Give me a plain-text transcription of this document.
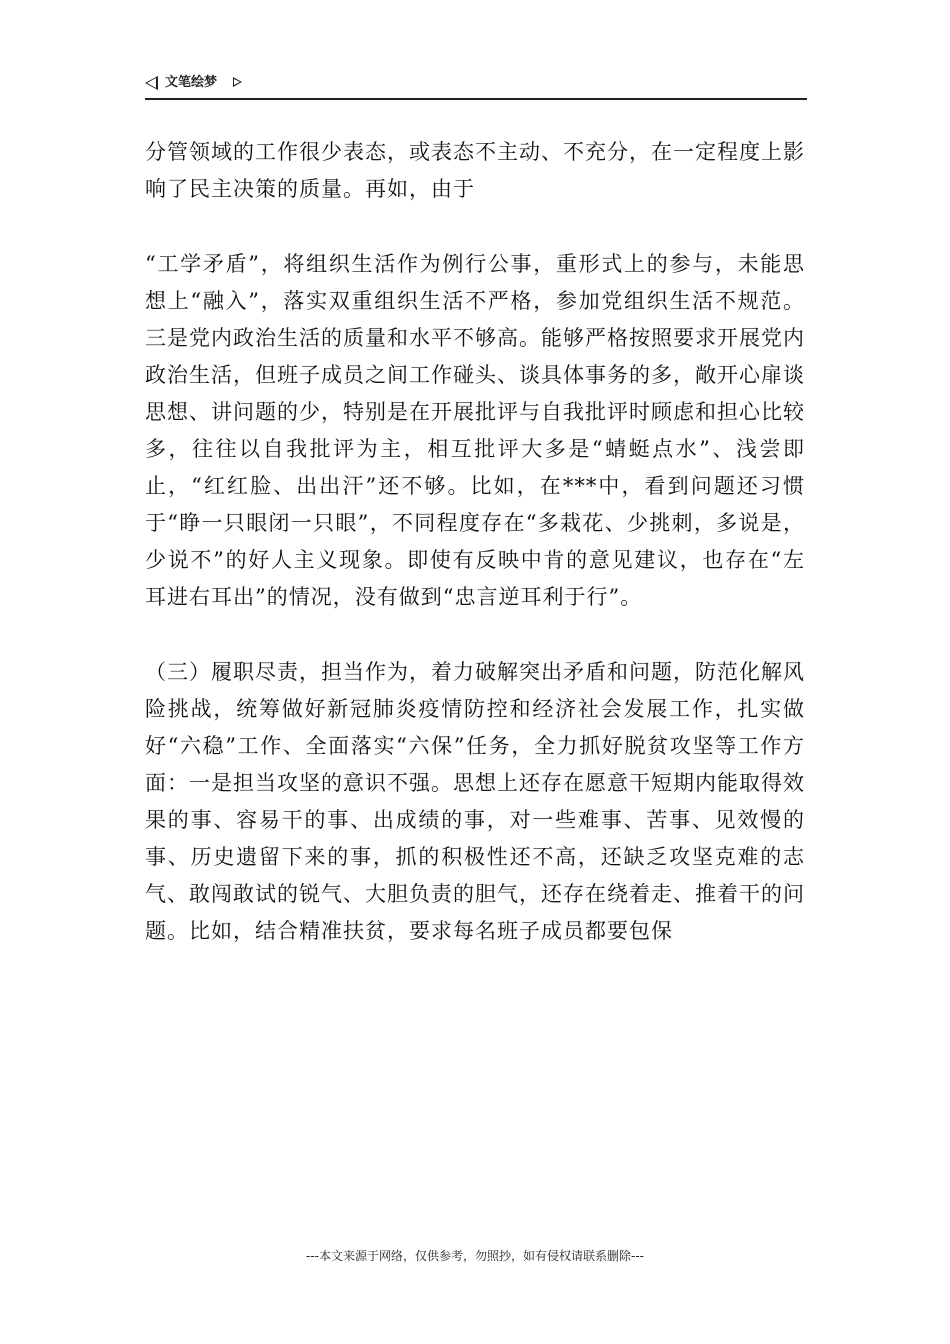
文笔绘梦

分管领域的工作很少表态，或表态不主动、不充分，在一定程度上影响了民主决策的质量。再如，由于

“工学矛盾”，将组织生活作为例行公事，重形式上的参与，未能思想上“融入”，落实双重组织生活不严格，参加党组织生活不规范。三是党内政治生活的质量和水平不够高。能够严格按照要求开展党内政治生活，但班子成员之间工作碰头、谈具体事务的多，敞开心扉谈思想、讲问题的少，特别是在开展批评与自我批评时顾虑和担心比较多，往往以自我批评为主，相互批评大多是“蜻蜓点水”、浅尝即止，“红红脸、出出汗”还不够。比如，在***中，看到问题还习惯于“睁一只眼闭一只眼”，不同程度存在“多栽花、少挑刺，多说是，少说不”的好人主义现象。即使有反映中肯的意见建议，也存在“左耳进右耳出”的情况，没有做到“忠言逆耳利于行”。

（三）履职尽责，担当作为，着力破解突出矛盾和问题，防范化解风险挑战，统筹做好新冠肺炎疫情防控和经济社会发展工作，扎实做好“六稳”工作、全面落实“六保”任务，全力抓好脱贫攻坚等工作方面：一是担当攻坚的意识不强。思想上还存在愿意干短期内能取得效果的事、容易干的事、出成绩的事，对一些难事、苦事、见效慢的事、历史遗留下来的事，抓的积极性还不高，还缺乏攻坚克难的志气、敢闯敢试的锐气、大胆负责的胆气，还存在绕着走、推着干的问题。比如，结合精准扶贫，要求每名班子成员都要包保

---本文来源于网络，仅供参考，勿照抄，如有侵权请联系删除---
